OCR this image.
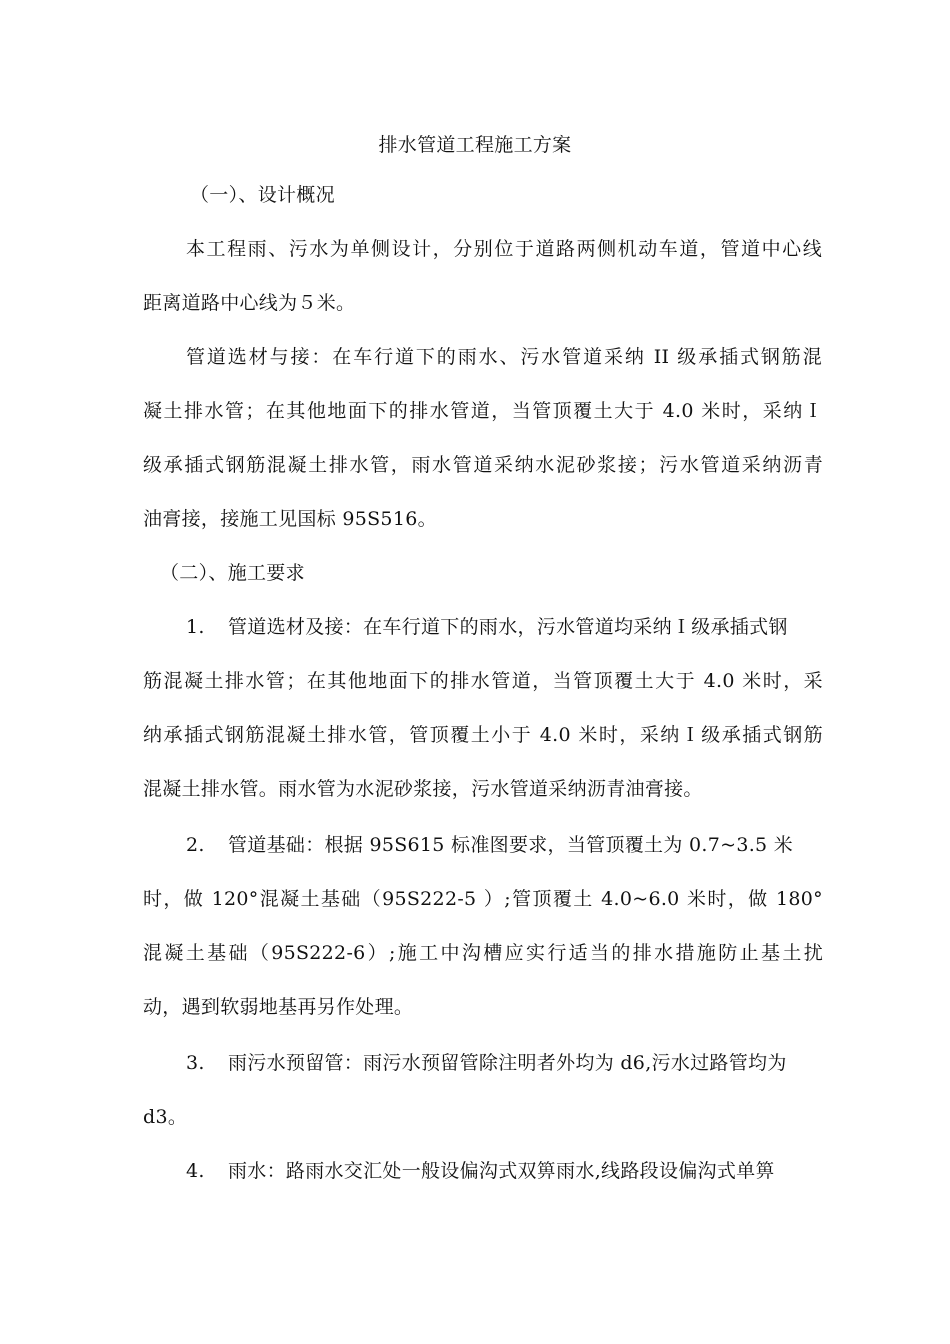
排水管道工程施工方案
（一）、设计概况
本工程雨、污水为单侧设计，分别位于道路两侧机动车道，管道中心线
距离道路中心线为５米。
管道选材与接：在车行道下的雨水、污水管道采纳 II 级承插式钢筋混
凝土排水管；在其他地面下的排水管道，当管顶覆土大于 4.0 米时，采纳Ｉ
级承插式钢筋混凝土排水管，雨水管道采纳水泥砂浆接；污水管道采纳沥青
油膏接，接施工见国标 95S516。
（二）、施工要求
1. 管道选材及接：在车行道下的雨水，污水管道均采纳Ｉ级承插式钢
筋混凝土排水管；在其他地面下的排水管道，当管顶覆土大于 4.0 米时，采
纳承插式钢筋混凝土排水管，管顶覆土小于 4.0 米时，采纳Ｉ级承插式钢筋
混凝土排水管。雨水管为水泥砂浆接，污水管道采纳沥青油膏接。
2. 管道基础：根据 95S615 标准图要求，当管顶覆土为 0.7~3.5 米
时，做 120°混凝土基础（95S222-5 ）;管顶覆土 4.0~6.0 米时，做 180°
混凝土基础（95S222-6）;施工中沟槽应实行适当的排水措施防止基土扰
动，遇到软弱地基再另作处理。
3. 雨污水预留管：雨污水预留管除注明者外均为 d6,污水过路管均为
d3。
4. 雨水：路雨水交汇处一般设偏沟式双箅雨水,线路段设偏沟式单箅
